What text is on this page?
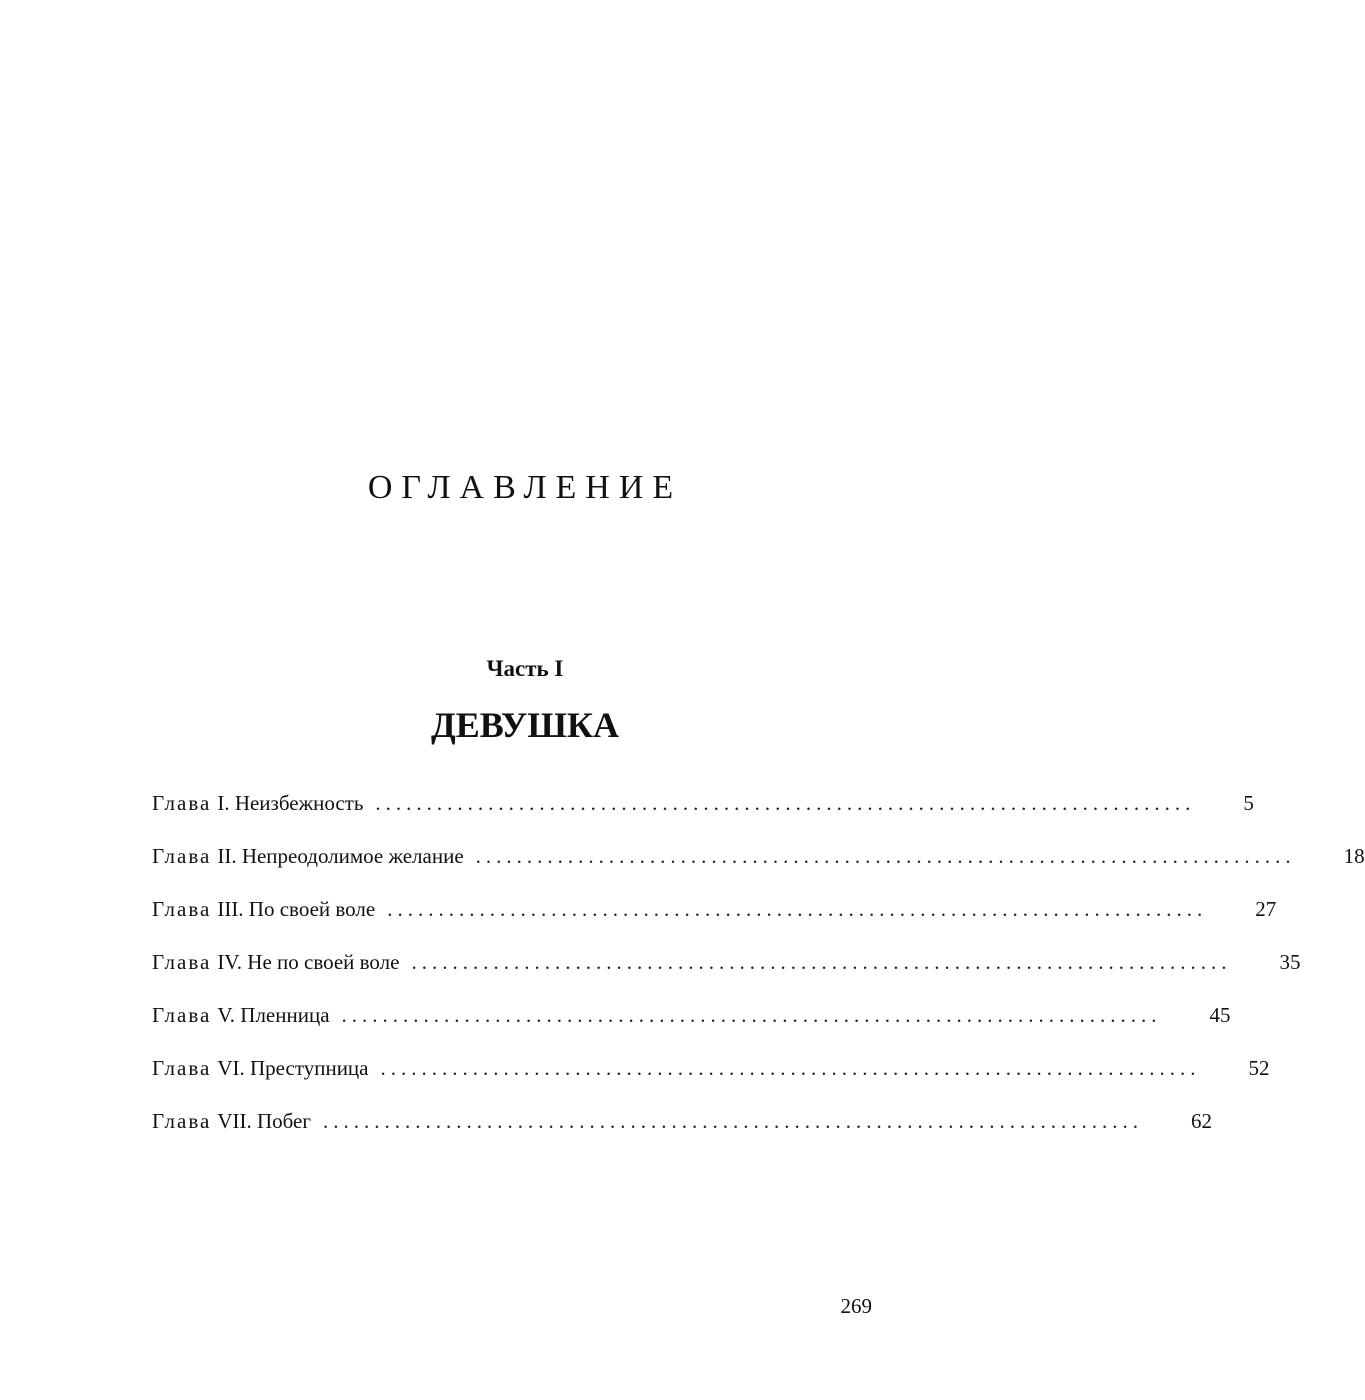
ОГЛАВЛЕНИЕ
Часть I
ДЕВУШКА
Глава I. Неизбежность ................................................................................ 5
Глава II. Непреодолимое желание ................................................................................ 18
Глава III. По своей воле ................................................................................ 27
Глава IV. Не по своей воле ................................................................................ 35
Глава V. Пленница ................................................................................ 45
Глава VI. Преступница ................................................................................ 52
Глава VII. Побег ................................................................................ 62

269
